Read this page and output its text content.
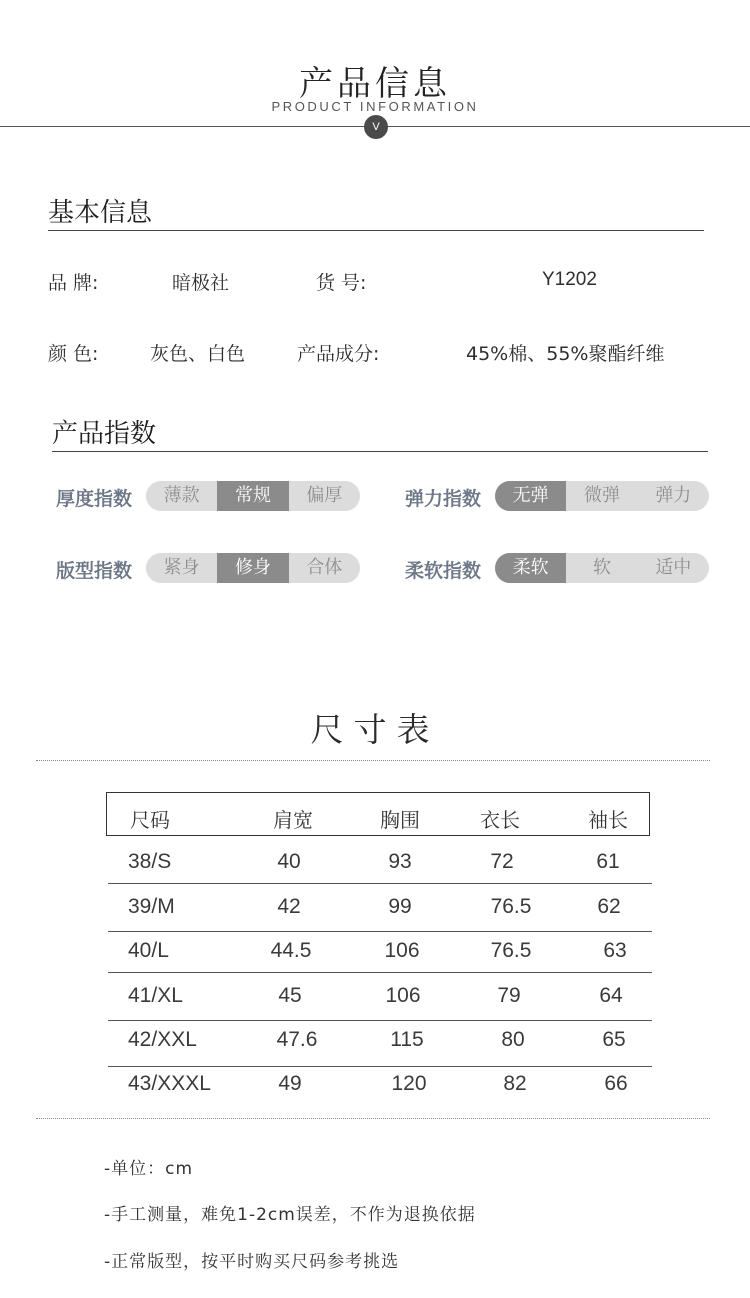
产品信息
PRODUCT INFORMATION
V
基本信息
品 牌:	暗极社	货 号:	Y1202
颜 色:	灰色、白色	产品成分:	45%棉、55%聚酯纤维
产品指数
厚度指数	薄款	常规	偏厚	弹力指数	无弹	微弹	弹力
版型指数	紧身	修身	合体	柔软指数	柔软	软	适中
尺寸表
尺码	肩宽	胸围	衣长	袖长
38/S	40	93	72	61
39/M	42	99	76.5	62
40/L	44.5	106	76.5	63
41/XL	45	106	79	64
42/XXL	47.6	115	80	65
43/XXXL	49	120	82	66
-单位：cm
-手工测量，难免1-2cm误差，不作为退换依据
-正常版型，按平时购买尺码参考挑选
